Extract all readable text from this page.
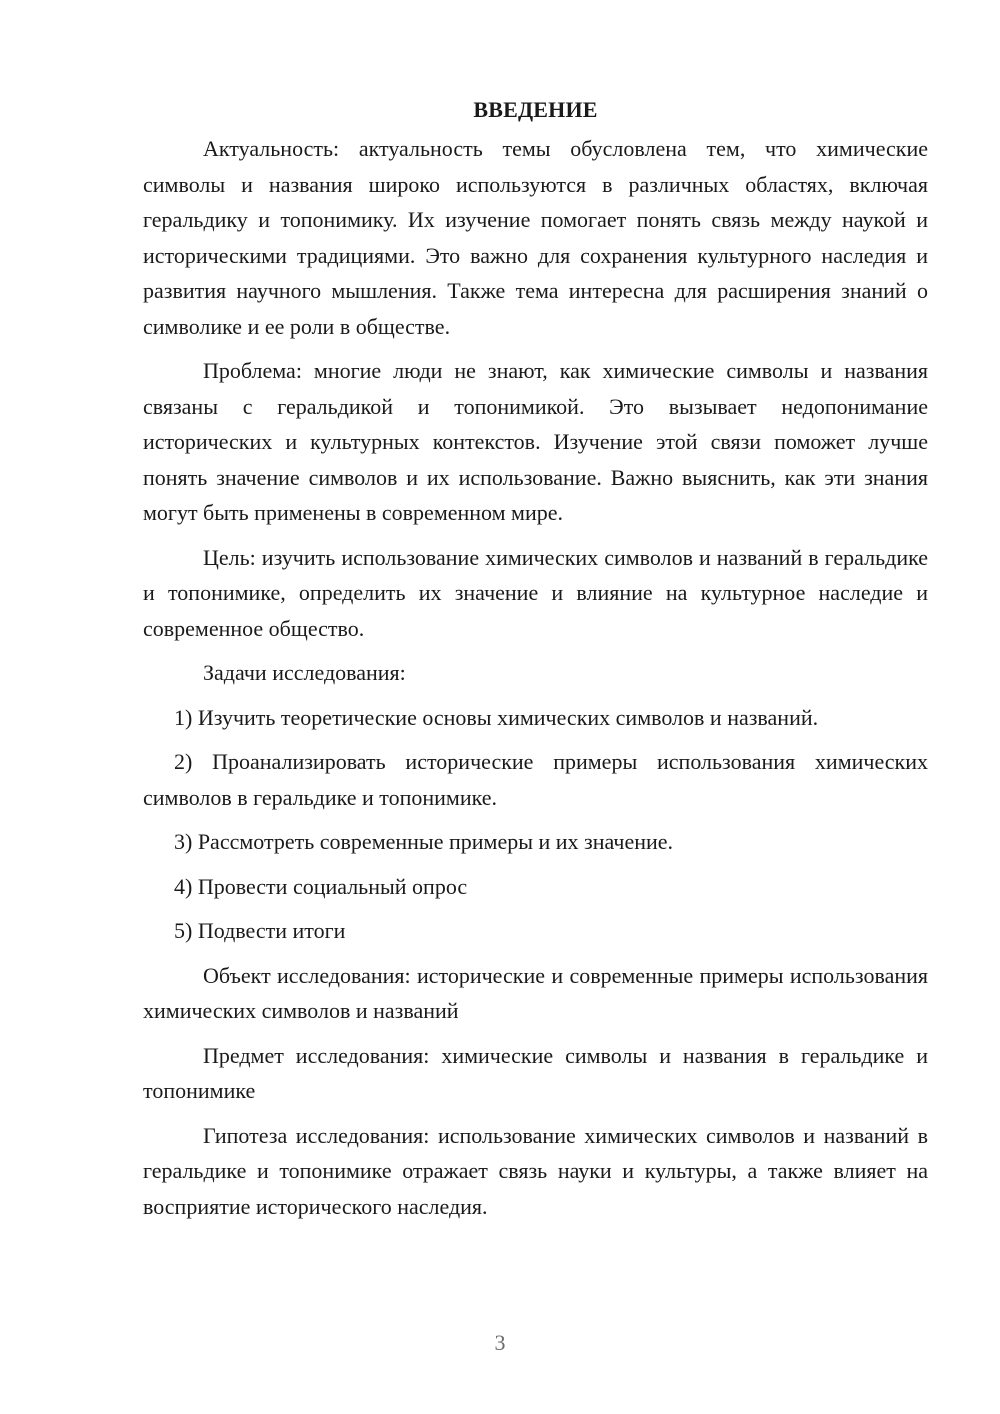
ВВЕДЕНИЕ

Актуальность: актуальность темы обусловлена тем, что химические символы и названия широко используются в различных областях, включая геральдику и топонимику. Их изучение помогает понять связь между наукой и историческими традициями. Это важно для сохранения культурного наследия и развития научного мышления. Также тема интересна для расширения знаний о символике и ее роли в обществе.

Проблема: многие люди не знают, как химические символы и названия связаны с геральдикой и топонимикой. Это вызывает недопонимание исторических и культурных контекстов. Изучение этой связи поможет лучше понять значение символов и их использование. Важно выяснить, как эти знания могут быть применены в современном мире.

Цель: изучить использование химических символов и названий в геральдике и топонимике, определить их значение и влияние на культурное наследие и современное общество.

Задачи исследования:

1) Изучить теоретические основы химических символов и названий.

2) Проанализировать исторические примеры использования химических символов в геральдике и топонимике.

3) Рассмотреть современные примеры и их значение.

4) Провести социальный опрос

5) Подвести итоги

Объект исследования: исторические и современные примеры использования химических символов и названий

Предмет исследования: химические символы и названия в геральдике и топонимике

Гипотеза исследования: использование химических символов и названий в геральдике и топонимике отражает связь науки и культуры, а также влияет на восприятие исторического наследия.

3
